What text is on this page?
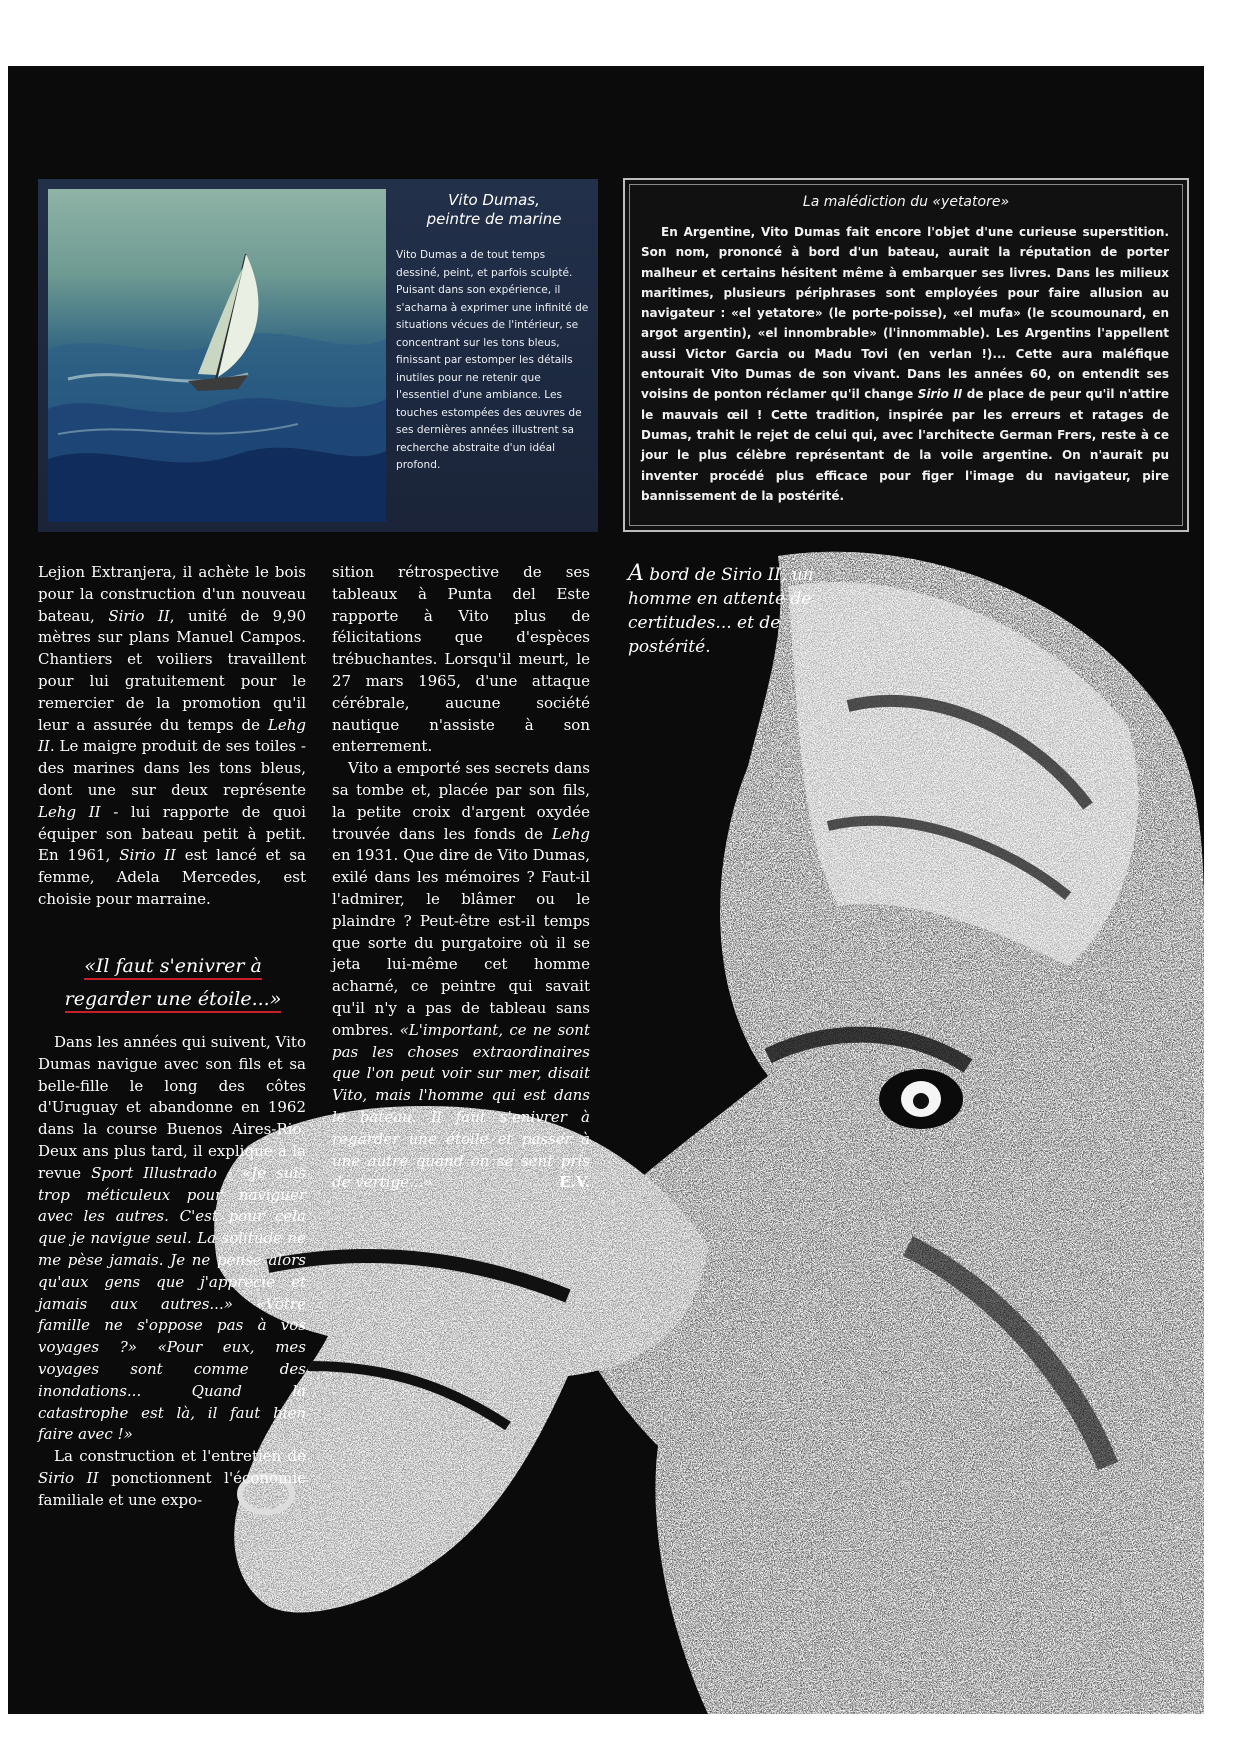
Vito Dumas,
peintre de marine
Vito Dumas a de tout temps dessiné, peint, et parfois sculpté. Puisant dans son expérience, il s'acharna à exprimer une infinité de situations vécues de l'intérieur, se concentrant sur les tons bleus, finissant par estomper les détails inutiles pour ne retenir que l'essentiel d'une ambiance. Les touches estompées des œuvres de ses dernières années illustrent sa recherche abstraite d'un idéal profond.
La malédiction du «yetatore»
En Argentine, Vito Dumas fait encore l'objet d'une curieuse superstition. Son nom, prononcé à bord d'un bateau, aurait la réputation de porter malheur et certains hésitent même à embarquer ses livres. Dans les milieux maritimes, plusieurs périphrases sont employées pour faire allusion au navigateur : «el yetatore» (le porte-poisse), «el mufa» (le scoumounard, en argot argentin), «el innombrable» (l'innommable). Les Argentins l'appellent aussi Victor Garcia ou Madu Tovi (en verlan !)... Cette aura maléfique entourait Vito Dumas de son vivant. Dans les années 60, on entendit ses voisins de ponton réclamer qu'il change Sirio II de place de peur qu'il n'attire le mauvais œil ! Cette tradition, inspirée par les erreurs et ratages de Dumas, trahit le rejet de celui qui, avec l'architecte German Frers, reste à ce jour le plus célèbre représentant de la voile argentine. On n'aurait pu inventer procédé plus efficace pour figer l'image du navigateur, pire bannissement de la postérité.

Lejion Extranjera, il achète le bois pour la construction d'un nouveau bateau, Sirio II, unité de 9,90 mètres sur plans Manuel Campos. Chantiers et voiliers travaillent pour lui gratuitement pour le remercier de la promotion qu'il leur a assurée du temps de Lehg II. Le maigre produit de ses toiles - des marines dans les tons bleus, dont une sur deux représente Lehg II - lui rapporte de quoi équiper son bateau petit à petit. En 1961, Sirio II est lancé et sa femme, Adela Mercedes, est choisie pour marraine.

«Il faut s'enivrer à
regarder une étoile...»

Dans les années qui suivent, Vito Dumas navigue avec son fils et sa belle-fille le long des côtes d'Uruguay et abandonne en 1962 dans la course Buenos Aires-Rio. Deux ans plus tard, il explique à la revue Sport Illustrado : «Je suis trop méticuleux pour naviguer avec les autres. C'est pour cela que je navigue seul. La solitude ne me pèse jamais. Je ne pense alors qu'aux gens que j'apprécie et jamais aux autres...» «Votre famille ne s'oppose pas à vos voyages ?» «Pour eux, mes voyages sont comme des inondations... Quand la catastrophe est là, il faut bien faire avec !»

La construction et l'entretien de Sirio II ponctionnent l'économie familiale et une expo-

sition rétrospective de ses tableaux à Punta del Este rapporte à Vito plus de félicitations que d'espèces trébuchantes. Lorsqu'il meurt, le 27 mars 1965, d'une attaque cérébrale, aucune société nautique n'assiste à son enterrement.

Vito a emporté ses secrets dans sa tombe et, placée par son fils, la petite croix d'argent oxydée trouvée dans les fonds de Lehg en 1931. Que dire de Vito Dumas, exilé dans les mémoires ? Faut-il l'admirer, le blâmer ou le plaindre ? Peut-être est-il temps que sorte du purgatoire où il se jeta lui-même cet homme acharné, ce peintre qui savait qu'il n'y a pas de tableau sans ombres. «L'important, ce ne sont pas les choses extraordinaires que l'on peut voir sur mer, disait Vito, mais l'homme qui est dans le bateau. Il faut s'enivrer à regarder une étoile et passer à une autre quand on se sent pris de vertige...»	E.V.

A bord de Sirio II, un homme en attente de certitudes... et de postérité.
